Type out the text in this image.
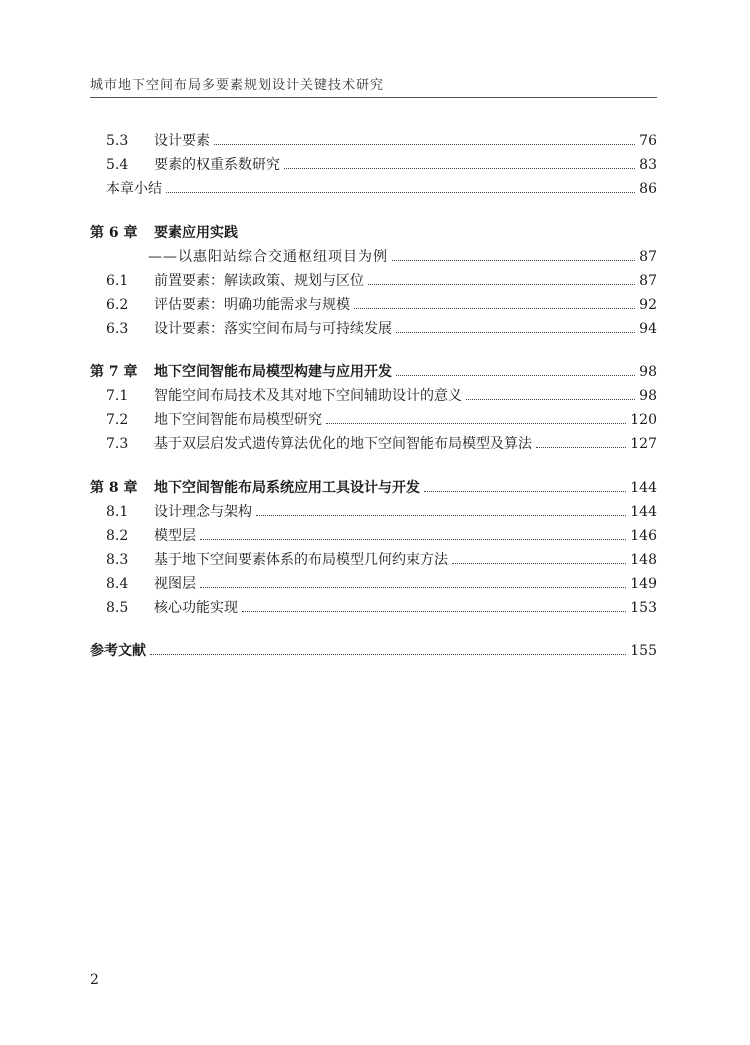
城市地下空间布局多要素规划设计关键技术研究
5.3	设计要素	76
5.4	要素的权重系数研究	83
本章小结	86
第 6 章	要素应用实践
——以惠阳站综合交通枢纽项目为例	87
6.1	前置要素：解读政策、规划与区位	87
6.2	评估要素：明确功能需求与规模	92
6.3	设计要素：落实空间布局与可持续发展	94
第 7 章	地下空间智能布局模型构建与应用开发	98
7.1	智能空间布局技术及其对地下空间辅助设计的意义	98
7.2	地下空间智能布局模型研究	120
7.3	基于双层启发式遗传算法优化的地下空间智能布局模型及算法	127
第 8 章	地下空间智能布局系统应用工具设计与开发	144
8.1	设计理念与架构	144
8.2	模型层	146
8.3	基于地下空间要素体系的布局模型几何约束方法	148
8.4	视图层	149
8.5	核心功能实现	153
参考文献	155
2
